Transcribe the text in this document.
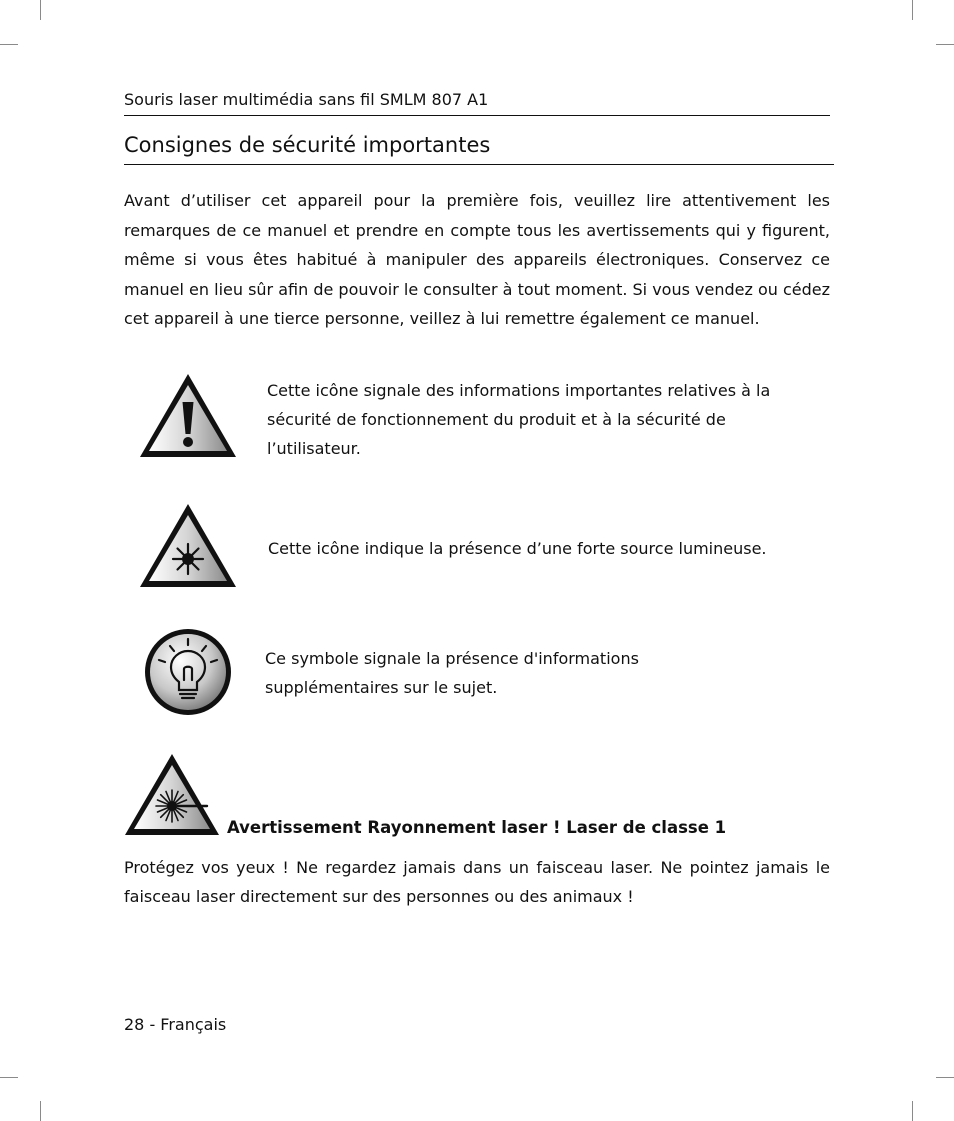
Souris laser multimédia sans fil SMLM 807 A1
Consignes de sécurité importantes

Avant d’utiliser cet appareil pour la première fois, veuillez lire attentivement les remarques de ce manuel et prendre en compte tous les avertissements qui y figurent, même si vous êtes habitué à manipuler des appareils électroniques. Conservez ce manuel en lieu sûr afin de pouvoir le consulter à tout moment. Si vous vendez ou cédez cet appareil à une tierce personne, veillez à lui remettre également ce manuel.

Cette icône signale des informations importantes relatives à la sécurité de fonctionnement du produit et à la sécurité de l’utilisateur.

Cette icône indique la présence d’une forte source lumineuse.

Ce symbole signale la présence d'informations supplémentaires sur le sujet.

Avertissement Rayonnement laser ! Laser de classe 1

Protégez vos yeux ! Ne regardez jamais dans un faisceau laser. Ne pointez jamais le faisceau laser directement sur des personnes ou des animaux !

28 - Français
